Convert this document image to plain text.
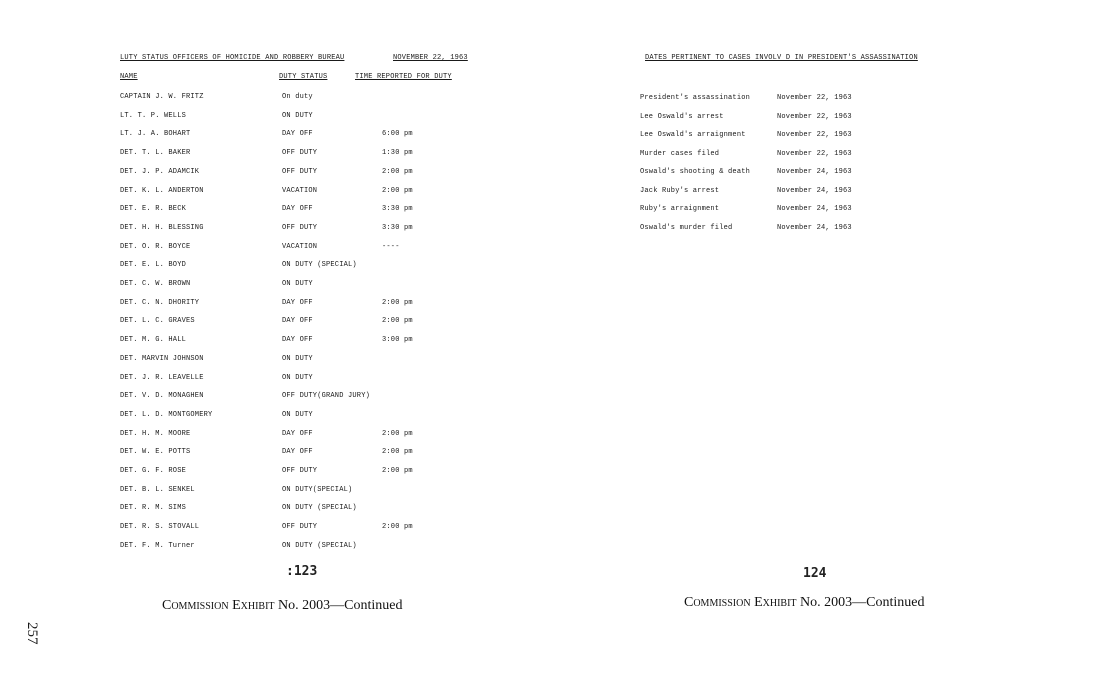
LUTY STATUS OFFICERS OF HOMICIDE AND ROBBERY BUREAU	NOVEMBER 22, 1963
NAME	DUTY STATUS	TIME REPORTED FOR DUTY
CAPTAIN J. W. FRITZ	On duty
LT. T. P. WELLS	ON DUTY
LT. J. A. BOHART	DAY OFF	6:00 pm
DET. T. L. BAKER	OFF DUTY	1:30 pm
DET. J. P. ADAMCIK	OFF DUTY	2:00 pm
DET. K. L. ANDERTON	VACATION	2:00 pm
DET. E. R. BECK	DAY OFF	3:30 pm
DET. H. H. BLESSING	OFF DUTY	3:30 pm
DET. O. R. BOYCE	VACATION	----
DET. E. L. BOYD	ON DUTY (SPECIAL)
DET. C. W. BROWN	ON DUTY
DET. C. N. DHORITY	DAY OFF	2:00 pm
DET. L. C. GRAVES	DAY OFF	2:00 pm
DET. M. G. HALL	DAY OFF	3:00 pm
DET. MARVIN JOHNSON	ON DUTY
DET. J. R. LEAVELLE	ON DUTY
DET. V. D. MONAGHEN	OFF DUTY(GRAND JURY)
DET. L. D. MONTGOMERY	ON DUTY
DET. H. M. MOORE	DAY OFF	2:00 pm
DET. W. E. POTTS	DAY OFF	2:00 pm
DET. G. F. ROSE	OFF DUTY	2:00 pm
DET. B. L. SENKEL	ON DUTY(SPECIAL)
DET. R. M. SIMS	ON DUTY (SPECIAL)
DET. R. S. STOVALL	OFF DUTY	2:00 pm
DET. F. M. Turner	ON DUTY (SPECIAL)
:123
Commission Exhibit No. 2003—Continued
DATES PERTINENT TO CASES INVOLV D IN PRESIDENT'S ASSASSINATION
President's assassination	November 22, 1963
Lee Oswald's arrest	November 22, 1963
Lee Oswald's arraignment	November 22, 1963
Murder cases filed	November 22, 1963
Oswald's shooting & death	November 24, 1963
Jack Ruby's arrest	November 24, 1963
Ruby's arraignment	November 24, 1963
Oswald's murder filed	November 24, 1963
124
Commission Exhibit No. 2003—Continued
257
